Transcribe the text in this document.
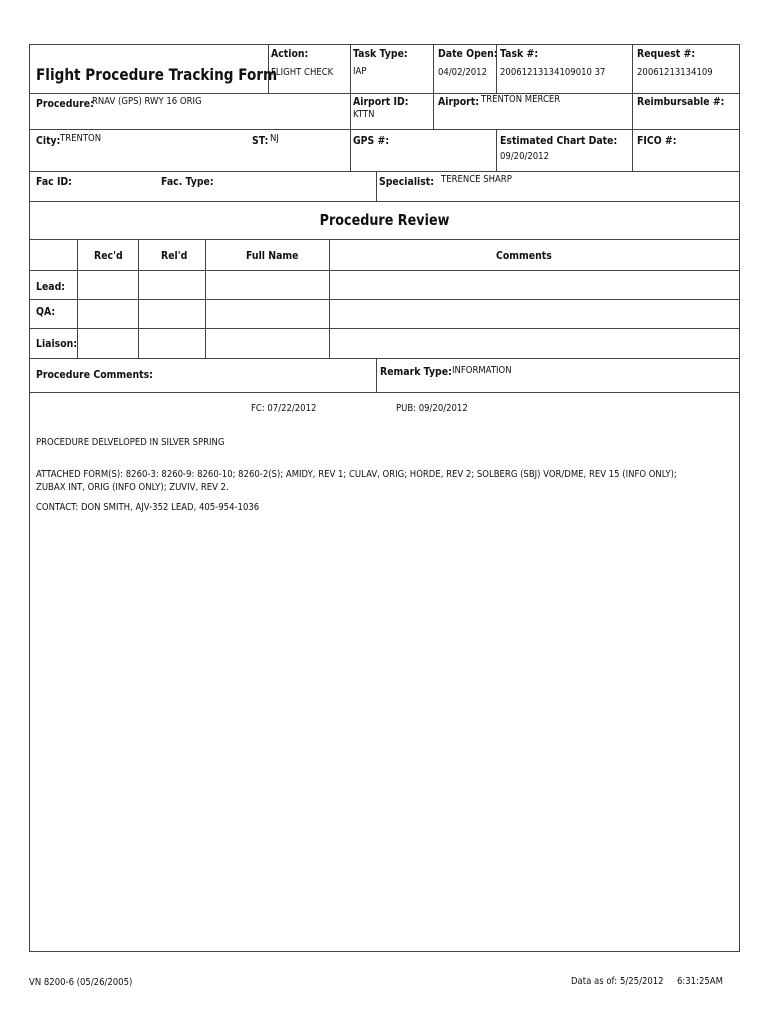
Flight Procedure Tracking Form
Action:
FLIGHT CHECK
Task Type:
IAP
Date Open:
04/02/2012
Task #:
20061213134109010 37
Request #:
20061213134109
Procedure:
RNAV (GPS) RWY 16 ORIG	Airport ID:
KTTN
Airport: TRENTON MERCER	Reimbursable #:
City: TRENTON	ST: NJ	GPS #:	Estimated Chart Date:
09/20/2012
FICO #:
Fac ID:	Fac. Type:	Specialist: TERENCE SHARP
Procedure Review
Rec'd	Rel'd	Full Name	Comments
Lead:
QA:
Liaison:
Procedure Comments:	Remark Type: INFORMATION
FC: 07/22/2012	PUB: 09/20/2012
PROCEDURE DELVELOPED IN SILVER SPRING
ATTACHED FORM(S): 8260-3: 8260-9: 8260-10; 8260-2(S); AMIDY, REV 1; CULAV, ORIG; HORDE, REV 2; SOLBERG (SBJ) VOR/DME, REV 15 (INFO ONLY); ZUBAX INT, ORIG (INFO ONLY); ZUVIV, REV 2.
CONTACT: DON SMITH, AJV-352 LEAD, 405-954-1036
VN 8200-6 (05/26/2005)	Data as of: 5/25/2012 6:31:25AM
